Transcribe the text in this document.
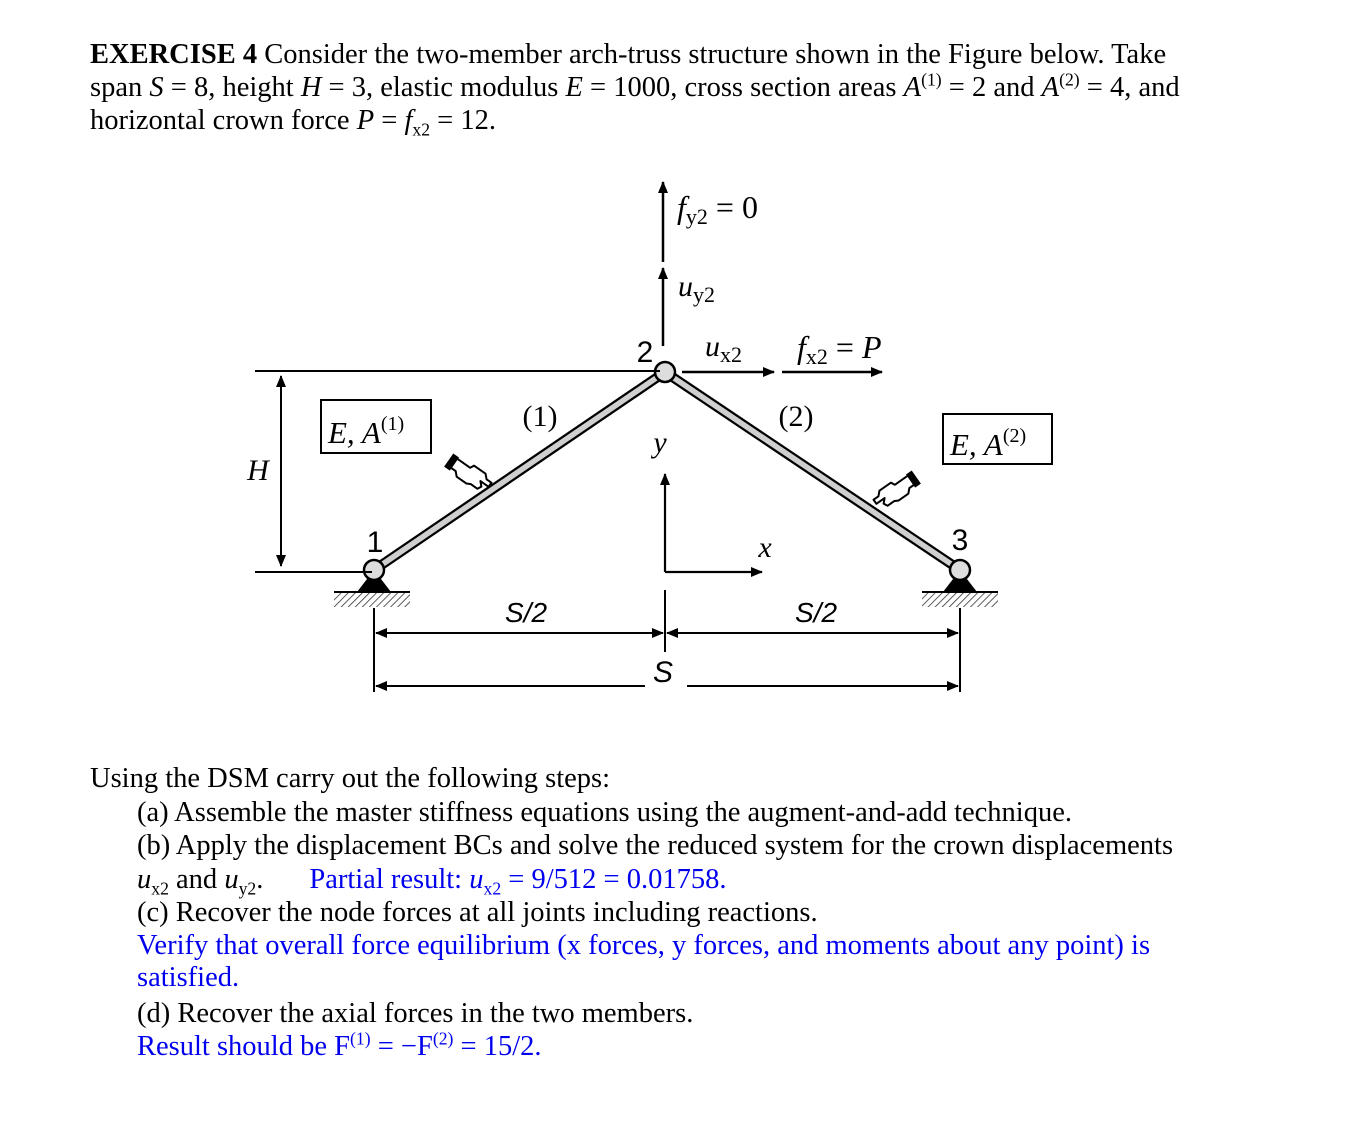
EXERCISE 4 Consider the two-member arch-truss structure shown in the Figure below. Take
span S = 8, height H = 3, elastic modulus E = 1000, cross section areas $A^{(1)} = 2$ and $A^{(2)} = 4$, and
horizontal crown force $P = f_{x2} = 12$.
H
S/2	S/2
S
y
x
fy2 = 0
$u_{y2}$
$u_{x2}$ fx2 = P
2
1	3
(1)	(2)
E, $A^{(1)}$
E, $A^{(2)}$
Using the DSM carry out the following steps:
(a) Assemble the master stiffness equations using the augment-and-add technique.
(b) Apply the displacement BCs and solve the reduced system for the crown displacements
$u_{x2}$ and $u_{y2}$. Partial result: $u_{x2} = 9/512 = 0.01758$.
(c) Recover the node forces at all joints including reactions.
Verify that overall force equilibrium (x forces, y forces, and moments about any point) is satisfied.
(d) Recover the axial forces in the two members.
Result should be $F^{(1)} = -F^{(2)} = 15/2$.
